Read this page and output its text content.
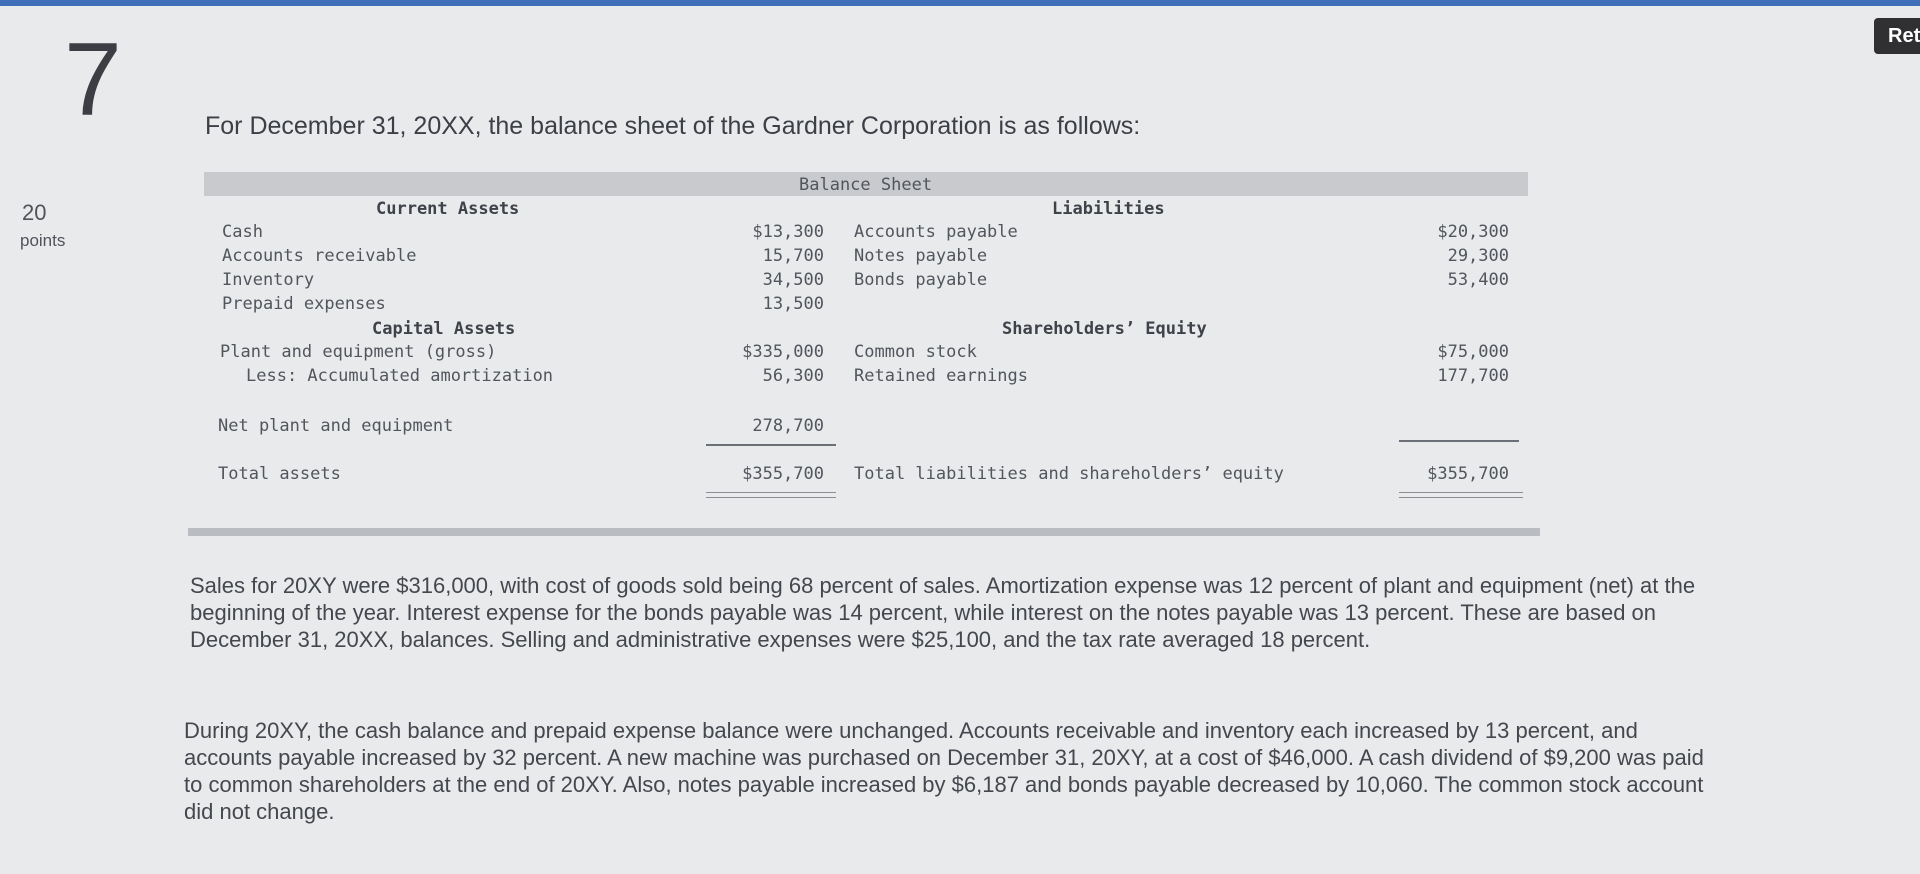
Ret
7
20
points
For December 31, 20XX, the balance sheet of the Gardner Corporation is as follows:
Balance Sheet
Current Assets	Liabilities
Capital Assets	Shareholders’ Equity
Cash
Accounts receivable
Inventory
Prepaid expenses
Plant and equipment (gross)
Less: Accumulated amortization
Net plant and equipment
Total assets
$13,300
15,700
34,500
13,500
$335,000
56,300
278,700
$355,700
Accounts payable
Notes payable
Bonds payable
Common stock
Retained earnings
Total liabilities and shareholders’ equity
$20,300
29,300
53,400
$75,000
177,700
$355,700
Sales for 20XY were $316,000, with cost of goods sold being 68 percent of sales. Amortization expense was 12 percent of plant and equipment (net) at the beginning of the year. Interest expense for the bonds payable was 14 percent, while interest on the notes payable was 13 percent. These are based on December 31, 20XX, balances. Selling and administrative expenses were $25,100, and the tax rate averaged 18 percent.
During 20XY, the cash balance and prepaid expense balance were unchanged. Accounts receivable and inventory each increased by 13 percent, and accounts payable increased by 32 percent. A new machine was purchased on December 31, 20XY, at a cost of $46,000. A cash dividend of $9,200 was paid to common shareholders at the end of 20XY. Also, notes payable increased by $6,187 and bonds payable decreased by 10,060. The common stock account did not change.
